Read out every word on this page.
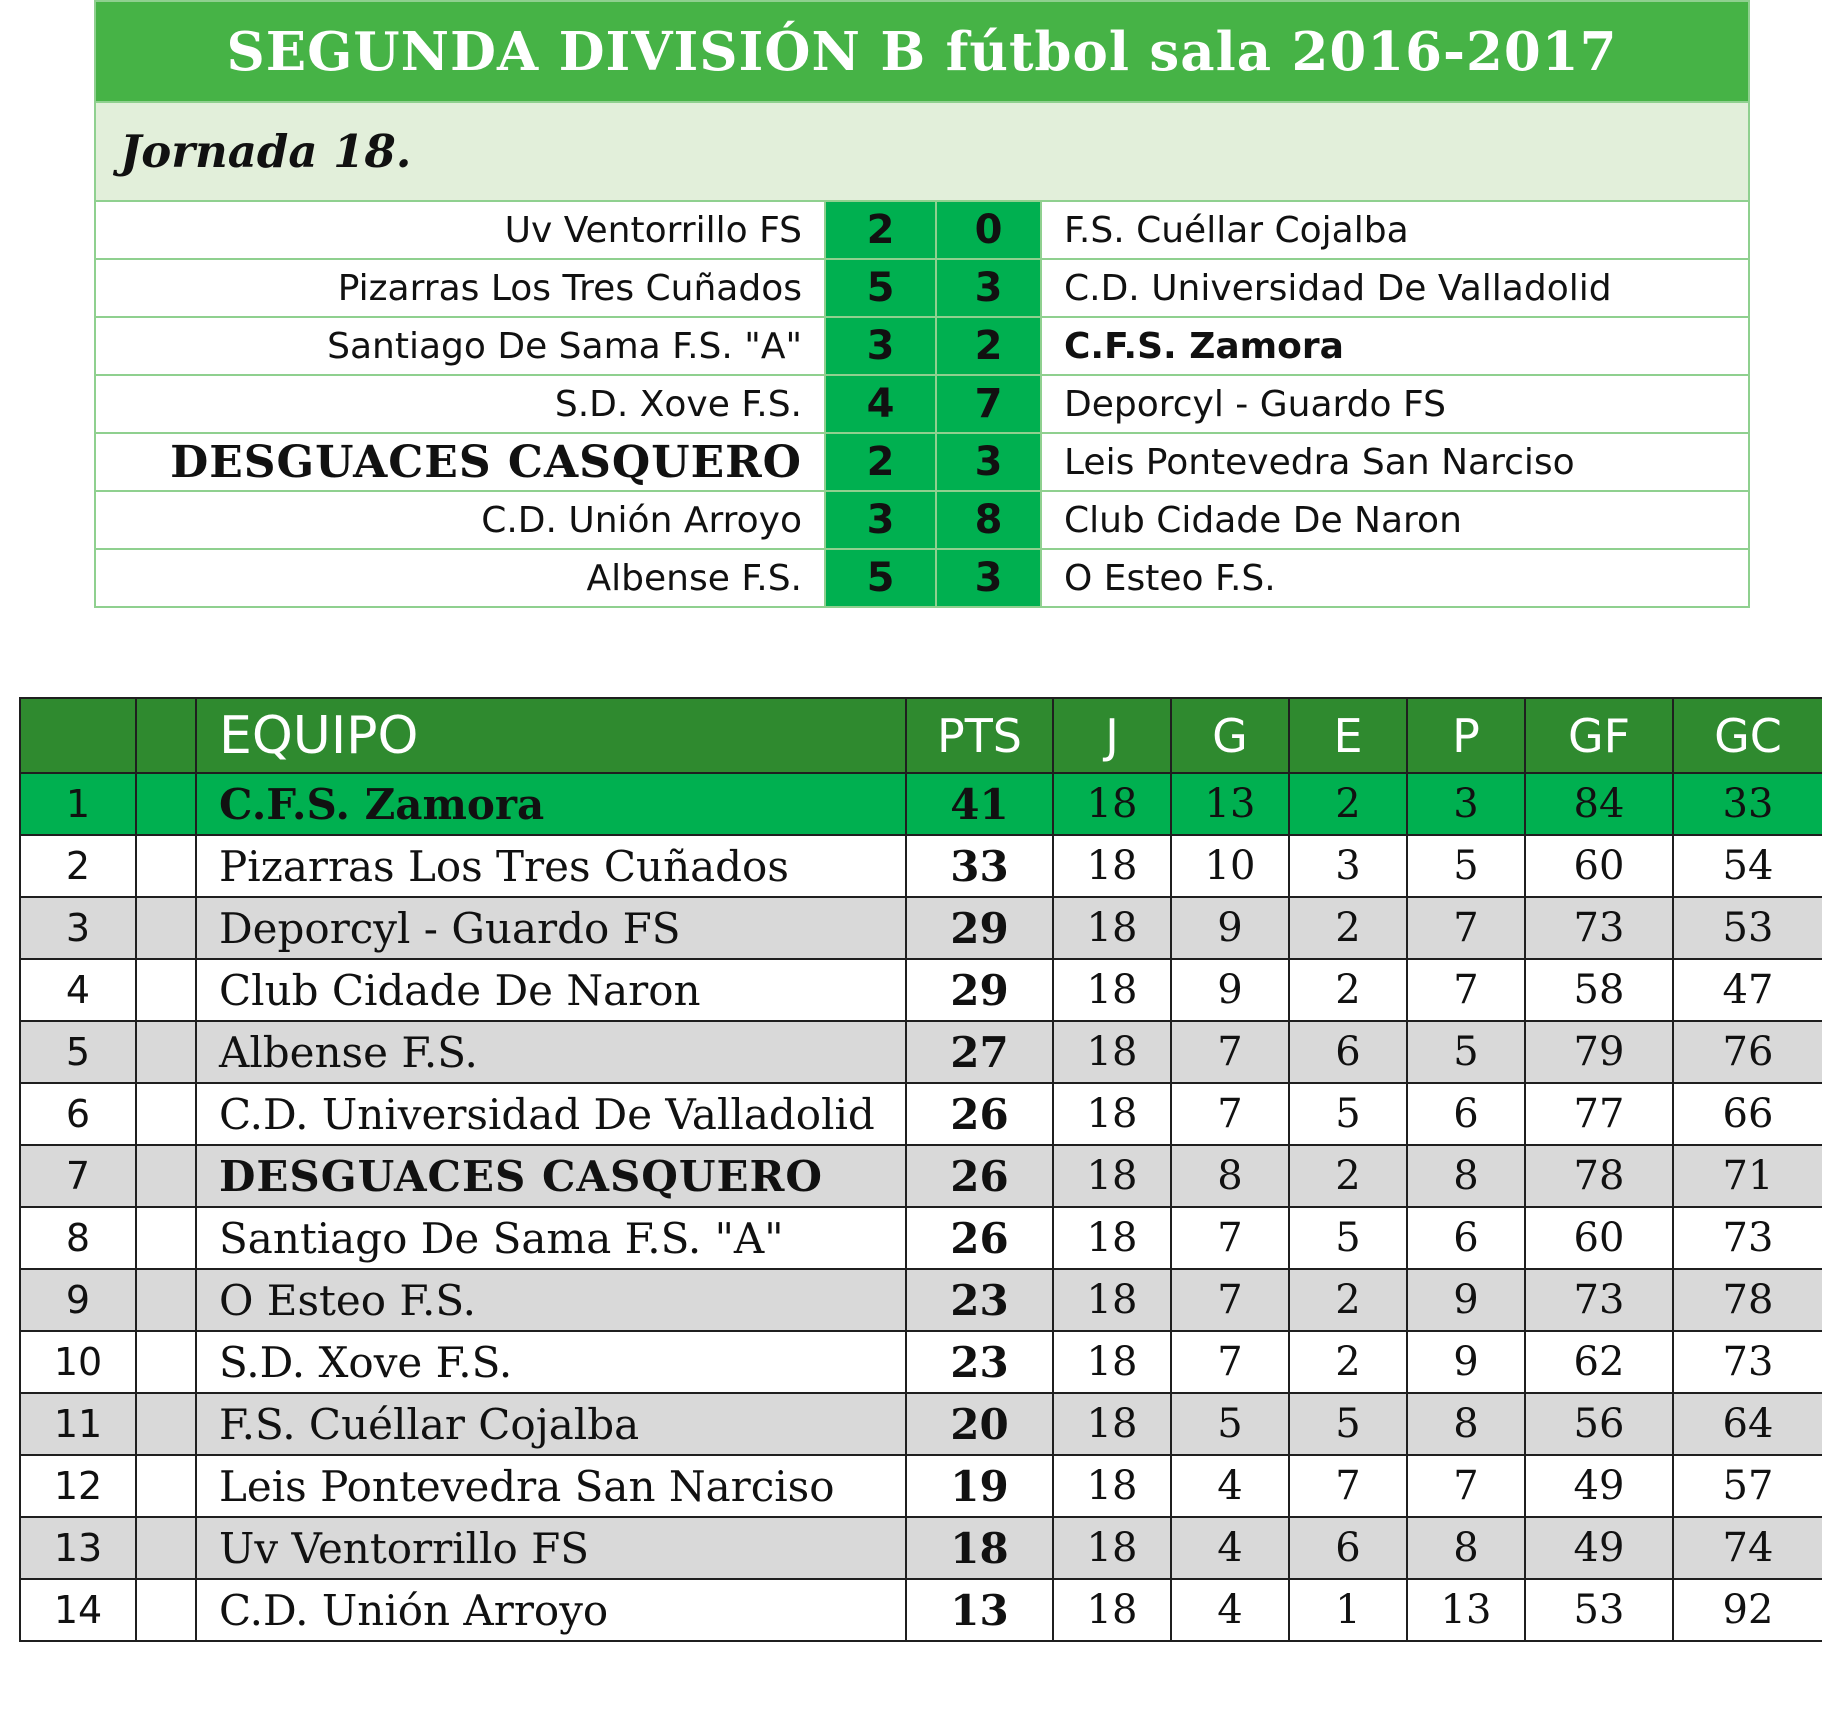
SEGUNDA DIVISIÓN B fútbol sala 2016-2017			
Jornada 18.			
Uv Ventorrillo FS	2	0	F.S. Cuéllar Cojalba
Pizarras Los Tres Cuñados	5	3	C.D. Universidad De Valladolid
Santiago De Sama F.S. "A"	3	2	C.F.S. Zamora
S.D. Xove F.S.	4	7	Deporcyl - Guardo FS
DESGUACES CASQUERO	2	3	Leis Pontevedra San Narciso
C.D. Unión Arroyo	3	8	Club Cidade De Naron
Albense F.S.	5	3	O Esteo F.S.
		EQUIPO	PTS	J	G	E	P	GF	GC
1		C.F.S. Zamora	41	18	13	2	3	84	33
2		Pizarras Los Tres Cuñados	33	18	10	3	5	60	54
3		Deporcyl - Guardo FS	29	18	9	2	7	73	53
4		Club Cidade De Naron	29	18	9	2	7	58	47
5		Albense F.S.	27	18	7	6	5	79	76
6		C.D. Universidad De Valladolid	26	18	7	5	6	77	66
7		DESGUACES CASQUERO	26	18	8	2	8	78	71
8		Santiago De Sama F.S. "A"	26	18	7	5	6	60	73
9		O Esteo F.S.	23	18	7	2	9	73	78
10		S.D. Xove F.S.	23	18	7	2	9	62	73
11		F.S. Cuéllar Cojalba	20	18	5	5	8	56	64
12		Leis Pontevedra San Narciso	19	18	4	7	7	49	57
13		Uv Ventorrillo FS	18	18	4	6	8	49	74
14		C.D. Unión Arroyo	13	18	4	1	13	53	92
